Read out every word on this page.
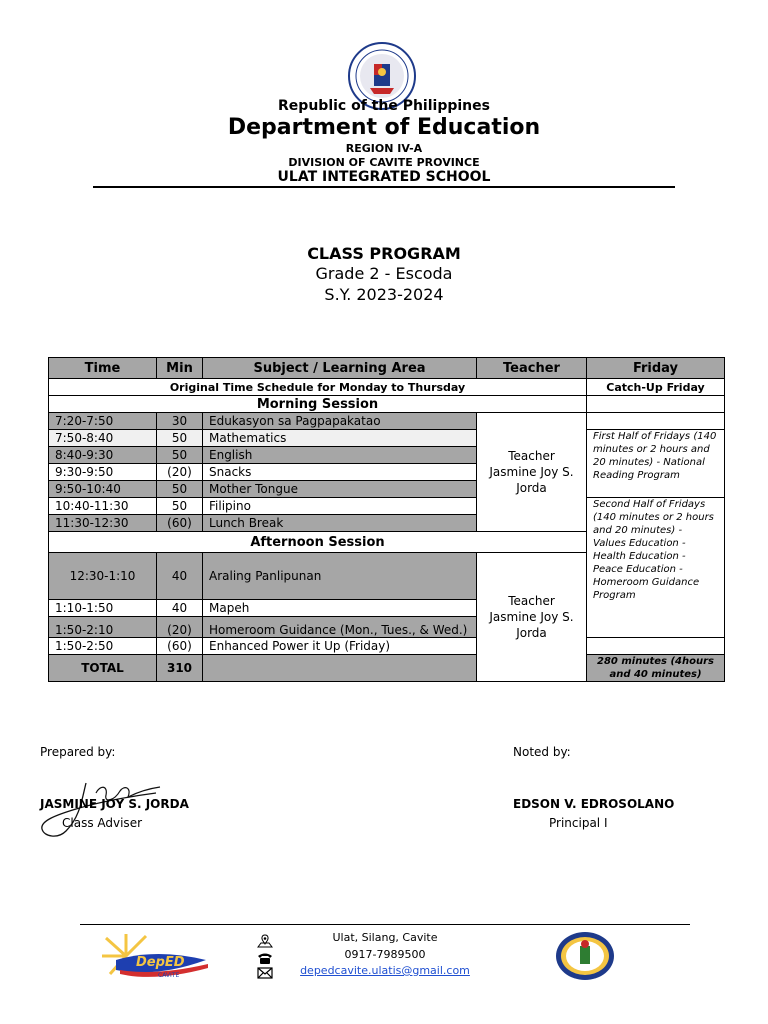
Republic of the Philippines
Department of Education
REGION IV-A
DIVISION OF CAVITE PROVINCE
ULAT INTEGRATED SCHOOL
CLASS PROGRAM
Grade 2 - Escoda
S.Y. 2023-2024
Time	Min	Subject / Learning Area	Teacher	Friday	
Original Time Schedule for Monday to Thursday				Catch-Up Friday	
Morning Session					
7:20-7:50	30	Edukasyon sa Pagpapakatao	Teacher Jasmine Joy S. Jorda		
7:50-8:40	50	Mathematics		First Half of Fridays (140 minutes or 2 hours and 20 minutes) - National Reading Program	
8:40-9:30	50	English			
9:30-9:50	(20)	Snacks			
9:50-10:40	50	Mother Tongue			
10:40-11:30	50	Filipino		Second Half of Fridays (140 minutes or 2 hours and 20 minutes) - Values Education - Health Education - Peace Education - Homeroom Guidance Program	
11:30-12:30	(60)	Lunch Break			
Afternoon Session					
12:30-1:10	40	Araling Panlipunan	Teacher Jasmine Joy S. Jorda		
1:10-1:50	40	Mapeh			
1:50-2:10	(20)	Homeroom Guidance (Mon., Tues., & Wed.)			
1:50-2:50	(60)	Enhanced Power it Up (Friday)			
TOTAL	310			280 minutes (4hours and 40 minutes)	
Prepared by:	Noted by:
JASMINE JOY S. JORDA
Class Adviser
EDSON V. EDROSOLANO
Principal I
DepED
CAVITE
Ulat, Silang, Cavite
0917-7989500
depedcavite.ulatis@gmail.com
